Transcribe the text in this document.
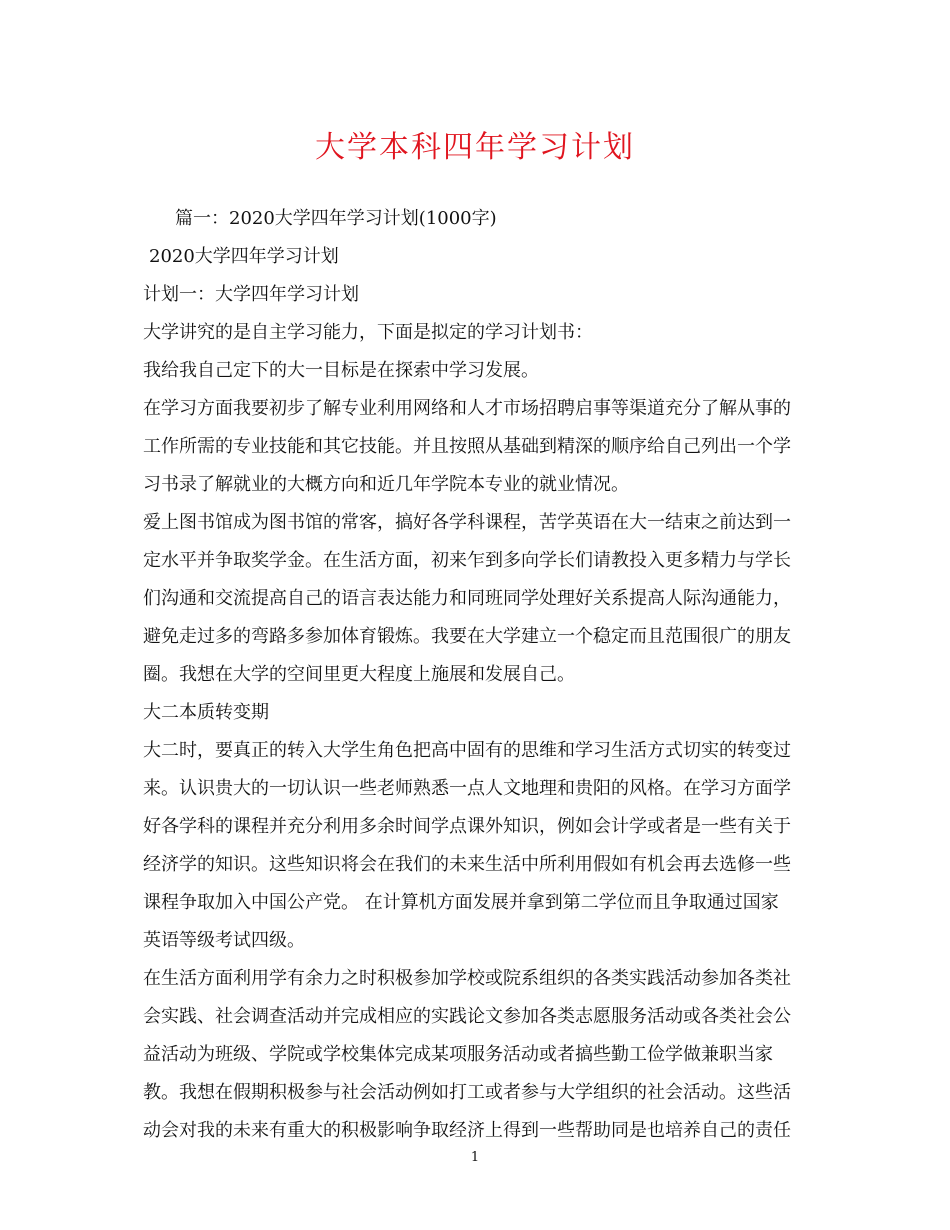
大学本科四年学习计划
篇一：2020大学四年学习计划(1000字)
2020大学四年学习计划
计划一：大学四年学习计划
大学讲究的是自主学习能力，下面是拟定的学习计划书：
我给我自己定下的大一目标是在探索中学习发展。
在学习方面我要初步了解专业利用网络和人才市场招聘启事等渠道充分了解从事的
工作所需的专业技能和其它技能。并且按照从基础到精深的顺序给自己列出一个学
习书录了解就业的大概方向和近几年学院本专业的就业情况。
爱上图书馆成为图书馆的常客，搞好各学科课程，苦学英语在大一结束之前达到一
定水平并争取奖学金。在生活方面，初来乍到多向学长们请教投入更多精力与学长
们沟通和交流提高自己的语言表达能力和同班同学处理好关系提高人际沟通能力，
避免走过多的弯路多参加体育锻炼。我要在大学建立一个稳定而且范围很广的朋友
圈。我想在大学的空间里更大程度上施展和发展自己。
大二本质转变期
大二时，要真正的转入大学生角色把高中固有的思维和学习生活方式切实的转变过
来。认识贵大的一切认识一些老师熟悉一点人文地理和贵阳的风格。在学习方面学
好各学科的课程并充分利用多余时间学点课外知识，例如会计学或者是一些有关于
经济学的知识。这些知识将会在我们的未来生活中所利用假如有机会再去选修一些
课程争取加入中国公产党。 在计算机方面发展并拿到第二学位而且争取通过国家
英语等级考试四级。
在生活方面利用学有余力之时积极参加学校或院系组织的各类实践活动参加各类社
会实践、社会调查活动并完成相应的实践论文参加各类志愿服务活动或各类社会公
益活动为班级、学院或学校集体完成某项服务活动或者搞些勤工俭学做兼职当家
教。我想在假期积极参与社会活动例如打工或者参与大学组织的社会活动。这些活
动会对我的未来有重大的积极影响争取经济上得到一些帮助同是也培养自己的责任
1
